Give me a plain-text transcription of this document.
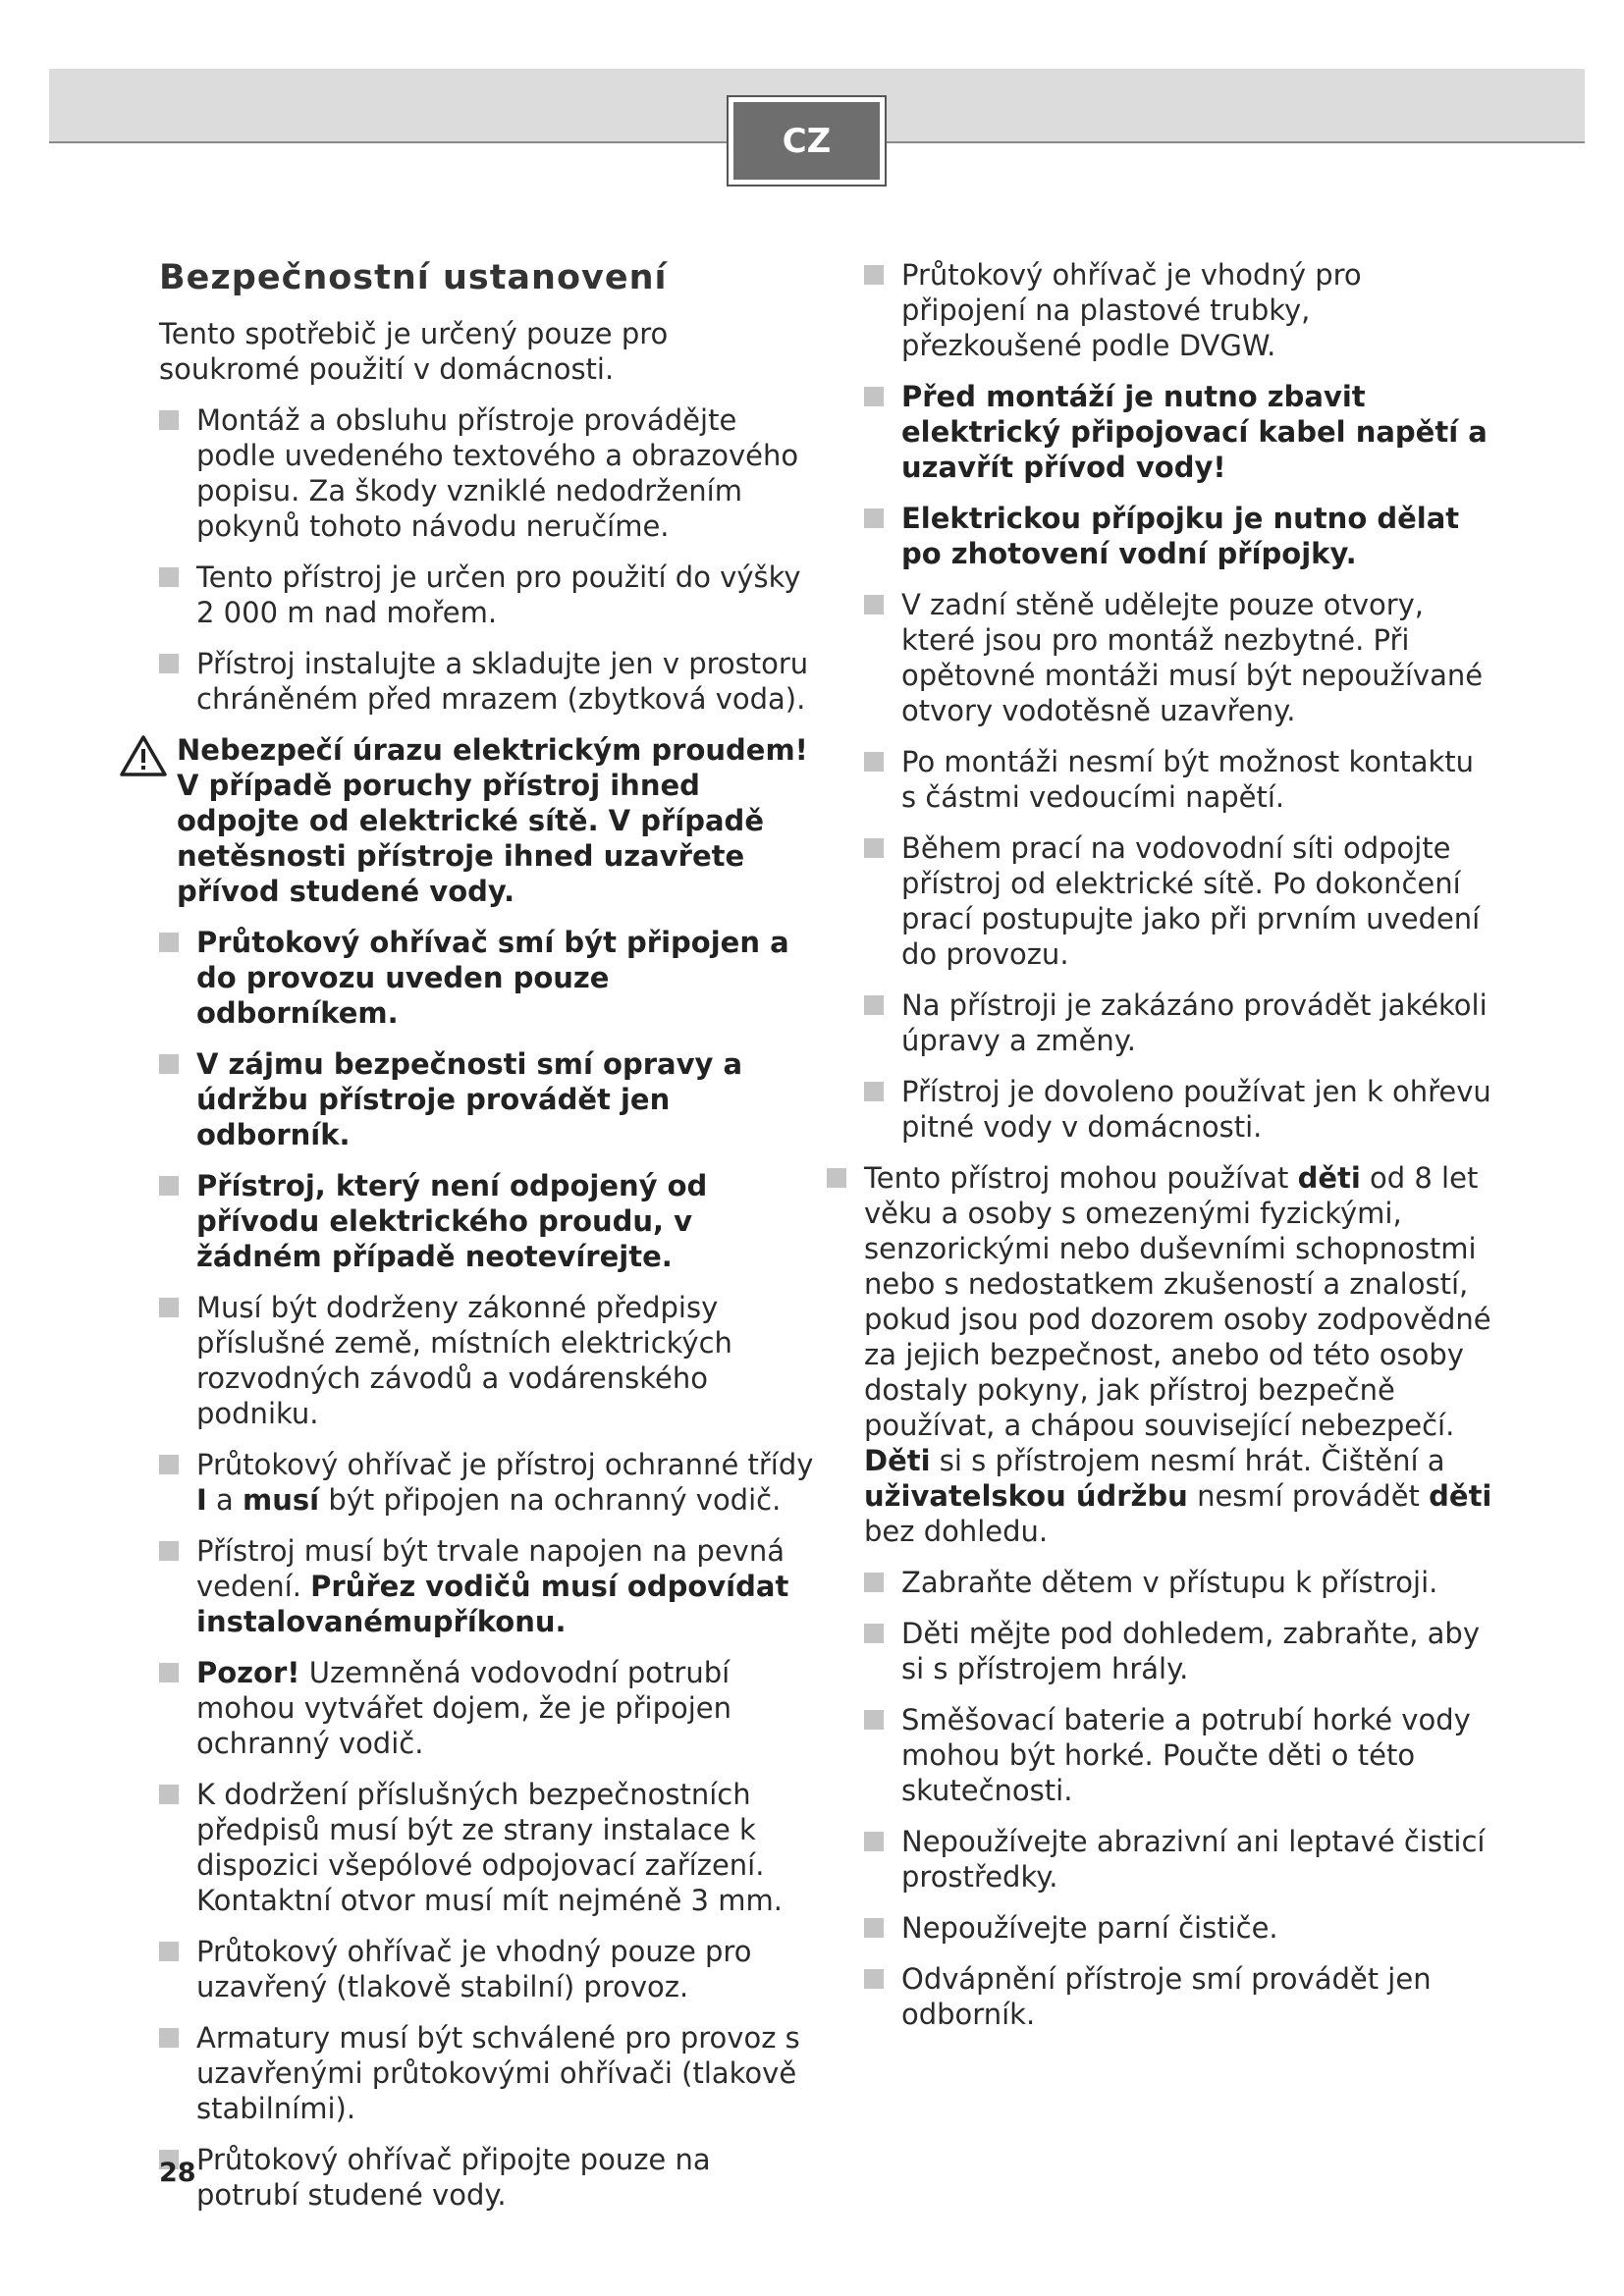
CZ
Bezpečnostní ustanovení
Tento spotřebič je určený pouze pro soukromé použití v domácnosti.
Montáž a obsluhu přístroje provádějte podle uvedeného textového a obrazového popisu. Za škody vzniklé nedodržením pokynů tohoto návodu neručíme.
Tento přístroj je určen pro použití do výšky 2 000 m nad mořem.
Přístroj instalujte a skladujte jen v prostoru chráněném před mrazem (zbytková voda).
Nebezpečí úrazu elektrickým proudem! V případě poruchy přístroj ihned odpojte od elektrické sítě. V případě netěsnosti přístroje ihned uzavřete přívod studené vody.
Průtokový ohřívač smí být připojen a do provozu uveden pouze odborníkem.
V zájmu bezpečnosti smí opravy a údržbu přístroje provádět jen odborník.
Přístroj, který není odpojený od přívodu elektrického proudu, v žádném případě neotevírejte.
Musí být dodrženy zákonné předpisy příslušné země, místních elektrických rozvodných závodů a vodárenského podniku.
Průtokový ohřívač je přístroj ochranné třídy I a musí být připojen na ochranný vodič.
Přístroj musí být trvale napojen na pevná vedení. Průřez vodičů musí odpovídat instalovanémupříkonu.
Pozor! Uzemněná vodovodní potrubí mohou vytvářet dojem, že je připojen ochranný vodič.
K dodržení příslušných bezpečnostních předpisů musí být ze strany instalace k dispozici všepólové odpojovací zařízení. Kontaktní otvor musí mít nejméně 3 mm.
Průtokový ohřívač je vhodný pouze pro uzavřený (tlakově stabilní) provoz.
Armatury musí být schválené pro provoz s uzavřenými průtokovými ohřívači (tlakově stabilními).
Průtokový ohřívač připojte pouze na potrubí studené vody.
Průtokový ohřívač je vhodný pro připojení na plastové trubky, přezkoušené podle DVGW.
Před montáží je nutno zbavit elektrický připojovací kabel napětí a uzavřít přívod vody!
Elektrickou přípojku je nutno dělat po zhotovení vodní přípojky.
V zadní stěně udělejte pouze otvory, které jsou pro montáž nezbytné. Při opětovné montáži musí být nepoužívané otvory vodotěsně uzavřeny.
Po montáži nesmí být možnost kontaktu s částmi vedoucími napětí.
Během prací na vodovodní síti odpojte přístroj od elektrické sítě. Po dokončení prací postupujte jako při prvním uvedení do provozu.
Na přístroji je zakázáno provádět jakékoli úpravy a změny.
Přístroj je dovoleno používat jen k ohřevu pitné vody v domácnosti.
Tento přístroj mohou používat děti od 8 let věku a osoby s omezenými fyzickými, senzorickými nebo duševními schopnostmi nebo s nedostatkem zkušeností a znalostí, pokud jsou pod dozorem osoby zodpovědné za jejich bezpečnost, anebo od této osoby dostaly pokyny, jak přístroj bezpečně používat, a chápou související nebezpečí. Děti si s přístrojem nesmí hrát. Čištění a uživatelskou údržbu nesmí provádět děti bez dohledu.
Zabraňte dětem v přístupu k přístroji.
Děti mějte pod dohledem, zabraňte, aby si s přístrojem hrály.
Směšovací baterie a potrubí horké vody mohou být horké. Poučte děti o této skutečnosti.
Nepoužívejte abrazivní ani leptavé čisticí prostředky.
Nepoužívejte parní čističe.
Odvápnění přístroje smí provádět jen odborník.
28
